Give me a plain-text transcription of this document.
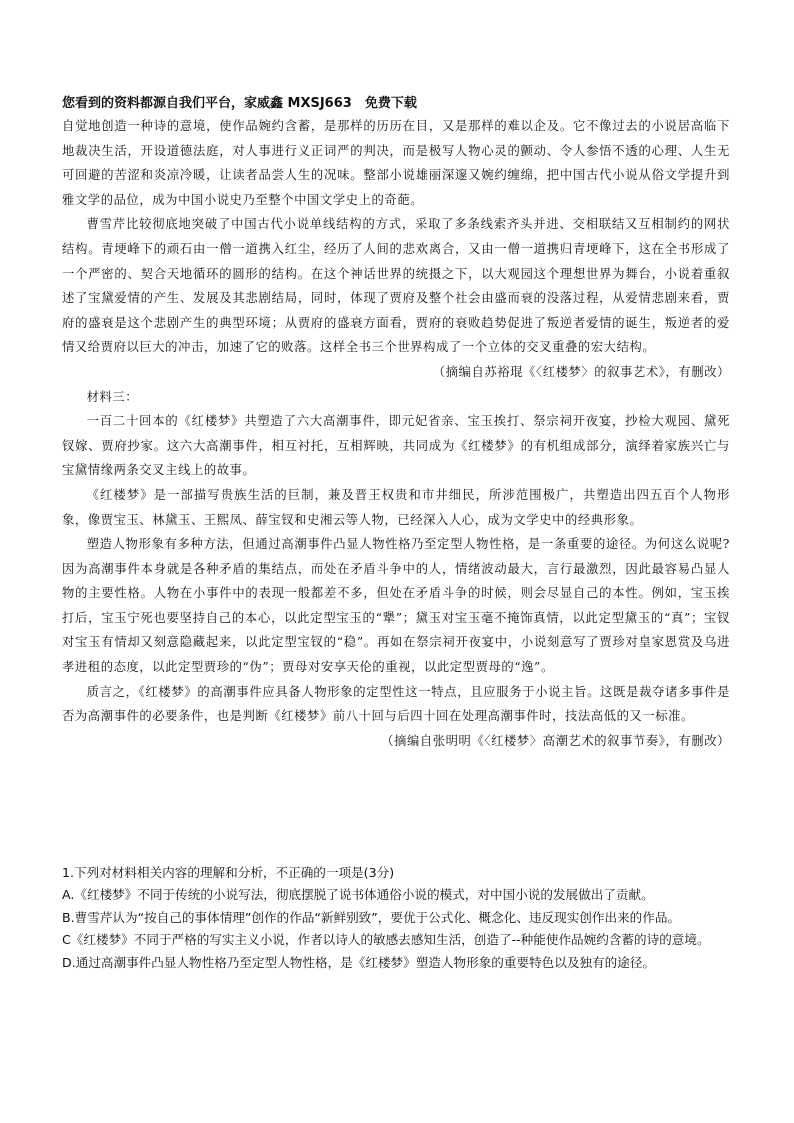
您看到的资料都源自我们平台，家威鑫 MXSJ663　免费下载

自觉地创造一种诗的意境，使作品婉约含蓄，是那样的历历在目，又是那样的难以企及。它不像过去的小说居高临下地裁决生活，开设道德法庭，对人事进行义正词严的判决，而是极写人物心灵的颤动、令人参悟不透的心理、人生无可回避的苦涩和炎凉冷暖，让读者品尝人生的况味。整部小说雄丽深邃又婉约缠绵，把中国古代小说从俗文学提升到雅文学的品位，成为中国小说史乃至整个中国文学史上的奇葩。

曹雪芹比较彻底地突破了中国古代小说单线结构的方式，采取了多条线索齐头并进、交相联结又互相制约的网状结构。青埂峰下的顽石由一僧一道携入红尘，经历了人间的悲欢离合，又由一僧一道携归青埂峰下，这在全书形成了一个严密的、契合天地循环的圆形的结构。在这个神话世界的统摄之下，以大观园这个理想世界为舞台，小说着重叙述了宝黛爱情的产生、发展及其悲剧结局，同时，体现了贾府及整个社会由盛而衰的没落过程，从爱情悲剧来看，贾府的盛衰是这个悲剧产生的典型环境；从贾府的盛衰方面看，贾府的衰败趋势促进了叛逆者爱情的诞生，叛逆者的爱情又给贾府以巨大的冲击，加速了它的败落。这样全书三个世界构成了一个立体的交叉重叠的宏大结构。

（摘编自苏裕琨《〈红楼梦〉的叙事艺术》，有删改）

材料三：

一百二十回本的《红楼梦》共塑造了六大高潮事件，即元妃省亲、宝玉挨打、祭宗祠开夜宴，抄检大观园、黛死钗嫁、贾府抄家。这六大高潮事件，相互衬托，互相辉映，共同成为《红楼梦》的有机组成部分，演绎着家族兴亡与宝黛情缘两条交叉主线上的故事。

《红楼梦》是一部描写贵族生活的巨制，兼及晋王权贵和市井细民，所涉范围极广，共塑造出四五百个人物形象，像贾宝玉、林黛玉、王熙凤、薛宝钗和史湘云等人物，已经深入人心，成为文学史中的经典形象。

塑造人物形象有多种方法，但通过高潮事件凸显人物性格乃至定型人物性格，是一条重要的途径。为何这么说呢?因为高潮事件本身就是各种矛盾的集结点，而处在矛盾斗争中的人，情绪波动最大，言行最激烈，因此最容易凸显人物的主要性格。人物在小事件中的表现一般都差不多，但处在矛盾斗争的时候，则会尽显自己的本性。例如，宝玉挨打后，宝玉宁死也要坚持自己的本心，以此定型宝玉的“犟”；黛玉对宝玉毫不掩饰真情，以此定型黛玉的“真”；宝钗对宝玉有情却又刻意隐藏起来，以此定型宝钗的“稳”。再如在祭宗祠开夜宴中，小说刻意写了贾珍对皇家恩赏及乌进孝进租的态度，以此定型贾珍的“伪”；贾母对安享天伦的重视，以此定型贾母的“逸”。

质言之，《红楼梦》的高潮事件应具备人物形象的定型性这一特点，且应服务于小说主旨。这既是裁夺诸多事件是否为高潮事件的必要条件，也是判断《红楼梦》前八十回与后四十回在处理高潮事件时，技法高低的又一标准。

（摘编自张明明《〈红楼梦〉高潮艺术的叙事节奏》，有删改）

1.下列对材料相关内容的理解和分析，不正确的一项是(3分)

A.《红楼梦》不同于传统的小说写法，彻底摆脱了说书体通俗小说的模式，对中国小说的发展做出了贡献。

B.曹雪芹认为“按自己的事体情理”创作的作品“新鲜别致”，要优于公式化、概念化、违反现实创作出来的作品。

C《红楼梦》不同于严格的写实主义小说，作者以诗人的敏感去感知生活，创造了--种能使作品婉约含蓄的诗的意境。

D.通过高潮事件凸显人物性格乃至定型人物性格，是《红楼梦》塑造人物形象的重要特色以及独有的途径。
